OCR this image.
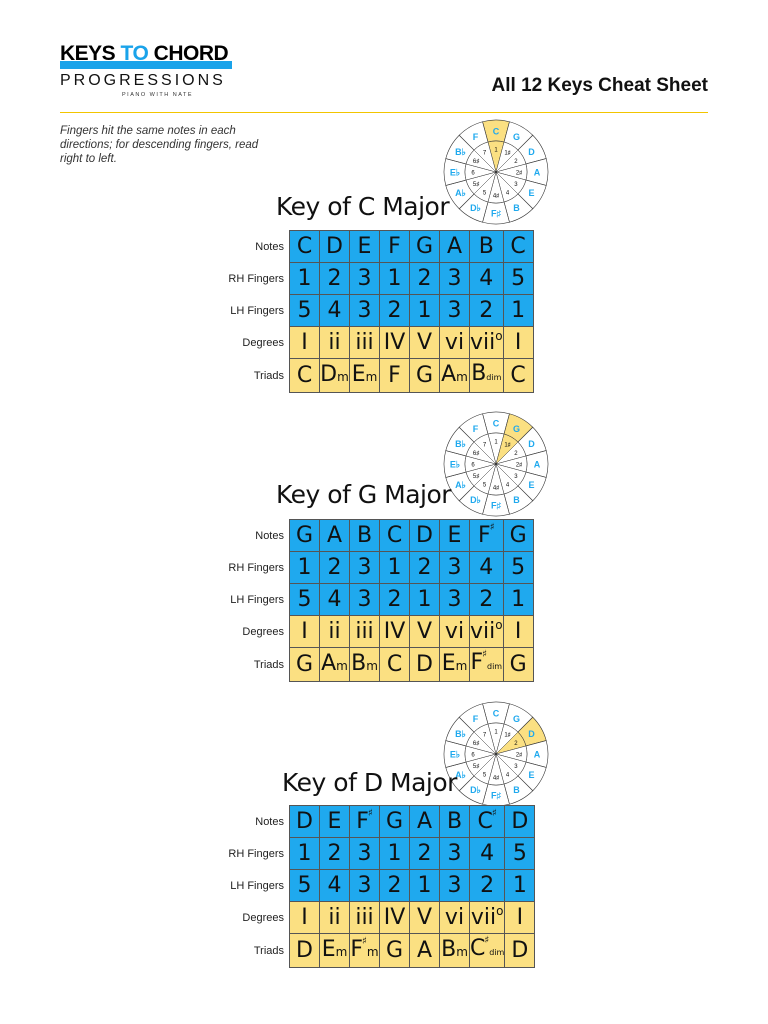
KEYS TO CHORD
PROGRESSIONS
PIANO WITH NATE	All 12 Keys Cheat Sheet
Fingers hit the same notes in each directions; for descending fingers, read right to left.
C
1
G
1♯ D
2
A
2♯
E
3
B
4
F♯
4♯
D♭
5
A♭
5♯
E♭ 6
B♭
6♯
F
7
Key of C Major
Notes	C	D	E	F	G	A	B	C
RH Fingers	1	2	3	1	2	3	4	5
LH Fingers	5	4	3	2	1	3	2	1
Degrees	I	ii	iii	IV	V	vi	vii$^o$	I
Triads	C	Dm	Em	F	G	Am	Bdim	C
C
1
G
1♯ D
2
A
2♯
E
3
B
4
F♯
4♯
D♭
5
A♭
5♯
E♭ 6
B♭
6♯
F
7
Key of G Major
Notes	G	A	B	C	D	E	F♯	G
RH Fingers	1	2	3	1	2	3	4	5
LH Fingers	5	4	3	2	1	3	2	1
Degrees	I	ii	iii	IV	V	vi	vii$^o$	I
Triads	G	Am	Bm	C	D	Em	F♯dim	G
C
1
G
1♯ D
2
A
2♯
E
3
B
4
F♯
4♯
D♭
5
A♭
5♯
E♭ 6
B♭
6♯
F
7
Key of D Major
Notes	D	E	F♯	G	A	B	C♯	D
RH Fingers	1	2	3	1	2	3	4	5
LH Fingers	5	4	3	2	1	3	2	1
Degrees	I	ii	iii	IV	V	vi	vii$^o$	I
Triads	D	Em	F♯m	G	A	Bm	C♯dim	D
